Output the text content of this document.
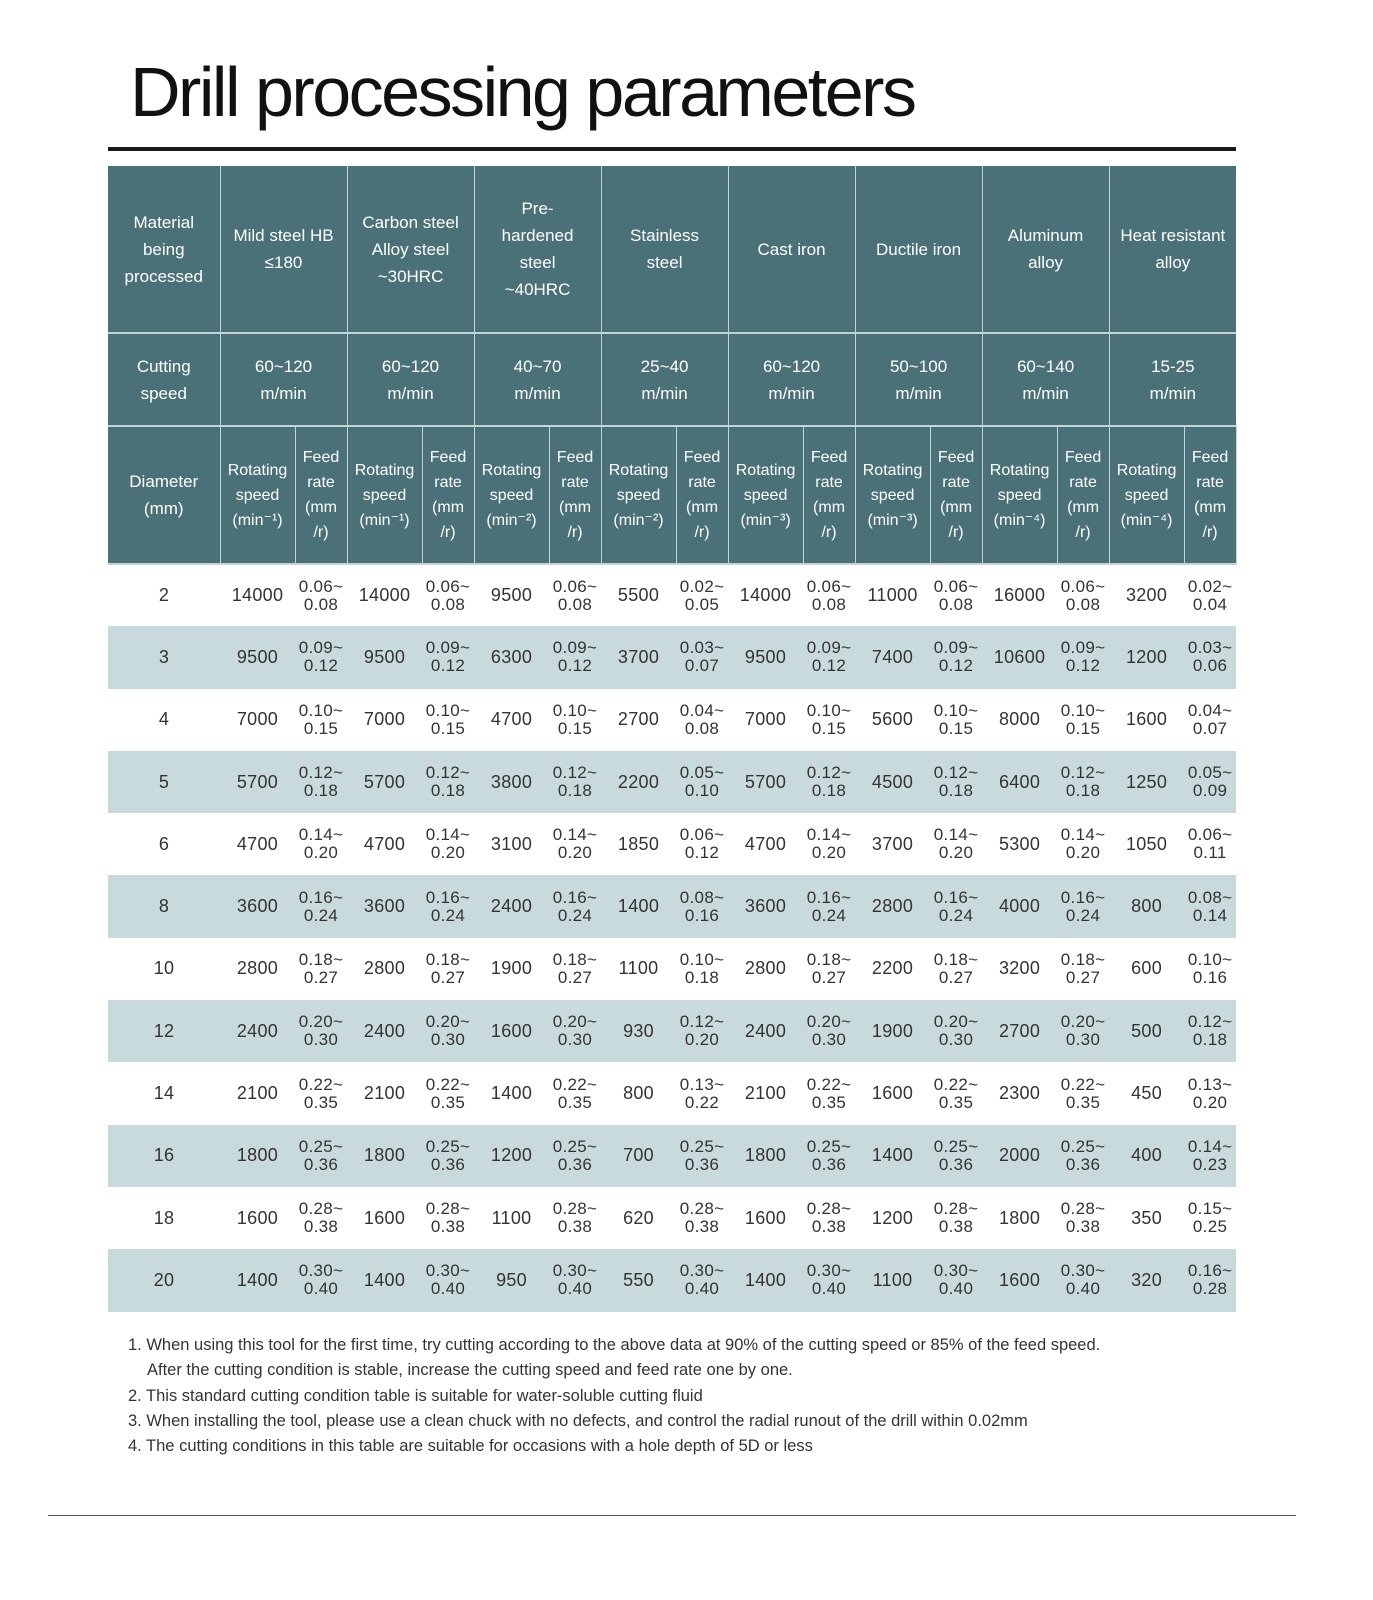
Drill processing parameters
Material
being
processed	Mild steel HB
≤180		Carbon steel
Alloy steel
~30HRC		Pre-
hardened
steel
~40HRC		Stainless
steel		Cast iron		Ductile iron		Aluminum
alloy		Heat resistant
alloy	

Cutting
speed	60~120
m/min		60~120
m/min		40~70
m/min		25~40
m/min		60~120
m/min		50~100
m/min		60~140
m/min		15-25
m/min	

Diameter
(mm)	Rotating
speed
(min⁻¹)	Feed
rate
(mm
/r)	Rotating
speed
(min⁻¹)	Feed
rate
(mm
/r)	Rotating
speed
(min⁻²)	Feed
rate
(mm
/r)	Rotating
speed
(min⁻²)	Feed
rate
(mm
/r)	Rotating
speed
(min⁻³)	Feed
rate
(mm
/r)	Rotating
speed
(min⁻³)	Feed
rate
(mm
/r)	Rotating
speed
(min⁻⁴)	Feed
rate
(mm
/r)	Rotating
speed
(min⁻⁴)	Feed
rate
(mm
/r)

2	14000	0.06~
0.08	14000	0.06~
0.08	9500	0.06~
0.08	5500	0.02~
0.05	14000	0.06~
0.08	11000	0.06~
0.08	16000	0.06~
0.08	3200	0.02~
0.04

3	9500	0.09~
0.12	9500	0.09~
0.12	6300	0.09~
0.12	3700	0.03~
0.07	9500	0.09~
0.12	7400	0.09~
0.12	10600	0.09~
0.12	1200	0.03~
0.06

4	7000	0.10~
0.15	7000	0.10~
0.15	4700	0.10~
0.15	2700	0.04~
0.08	7000	0.10~
0.15	5600	0.10~
0.15	8000	0.10~
0.15	1600	0.04~
0.07

5	5700	0.12~
0.18	5700	0.12~
0.18	3800	0.12~
0.18	2200	0.05~
0.10	5700	0.12~
0.18	4500	0.12~
0.18	6400	0.12~
0.18	1250	0.05~
0.09

6	4700	0.14~
0.20	4700	0.14~
0.20	3100	0.14~
0.20	1850	0.06~
0.12	4700	0.14~
0.20	3700	0.14~
0.20	5300	0.14~
0.20	1050	0.06~
0.11

8	3600	0.16~
0.24	3600	0.16~
0.24	2400	0.16~
0.24	1400	0.08~
0.16	3600	0.16~
0.24	2800	0.16~
0.24	4000	0.16~
0.24	800	0.08~
0.14

10	2800	0.18~
0.27	2800	0.18~
0.27	1900	0.18~
0.27	1100	0.10~
0.18	2800	0.18~
0.27	2200	0.18~
0.27	3200	0.18~
0.27	600	0.10~
0.16

12	2400	0.20~
0.30	2400	0.20~
0.30	1600	0.20~
0.30	930	0.12~
0.20	2400	0.20~
0.30	1900	0.20~
0.30	2700	0.20~
0.30	500	0.12~
0.18

14	2100	0.22~
0.35	2100	0.22~
0.35	1400	0.22~
0.35	800	0.13~
0.22	2100	0.22~
0.35	1600	0.22~
0.35	2300	0.22~
0.35	450	0.13~
0.20

16	1800	0.25~
0.36	1800	0.25~
0.36	1200	0.25~
0.36	700	0.25~
0.36	1800	0.25~
0.36	1400	0.25~
0.36	2000	0.25~
0.36	400	0.14~
0.23

18	1600	0.28~
0.38	1600	0.28~
0.38	1100	0.28~
0.38	620	0.28~
0.38	1600	0.28~
0.38	1200	0.28~
0.38	1800	0.28~
0.38	350	0.15~
0.25

20	1400	0.30~
0.40	1400	0.30~
0.40	950	0.30~
0.40	550	0.30~
0.40	1400	0.30~
0.40	1100	0.30~
0.40	1600	0.30~
0.40	320	0.16~
0.28
1. When using this tool for the first time, try cutting according to the above data at 90% of the cutting speed or 85% of the feed speed.
After the cutting condition is stable, increase the cutting speed and feed rate one by one.
2. This standard cutting condition table is suitable for water-soluble cutting fluid
3. When installing the tool, please use a clean chuck with no defects, and control the radial runout of the drill within 0.02mm
4. The cutting conditions in this table are suitable for occasions with a hole depth of 5D or less
